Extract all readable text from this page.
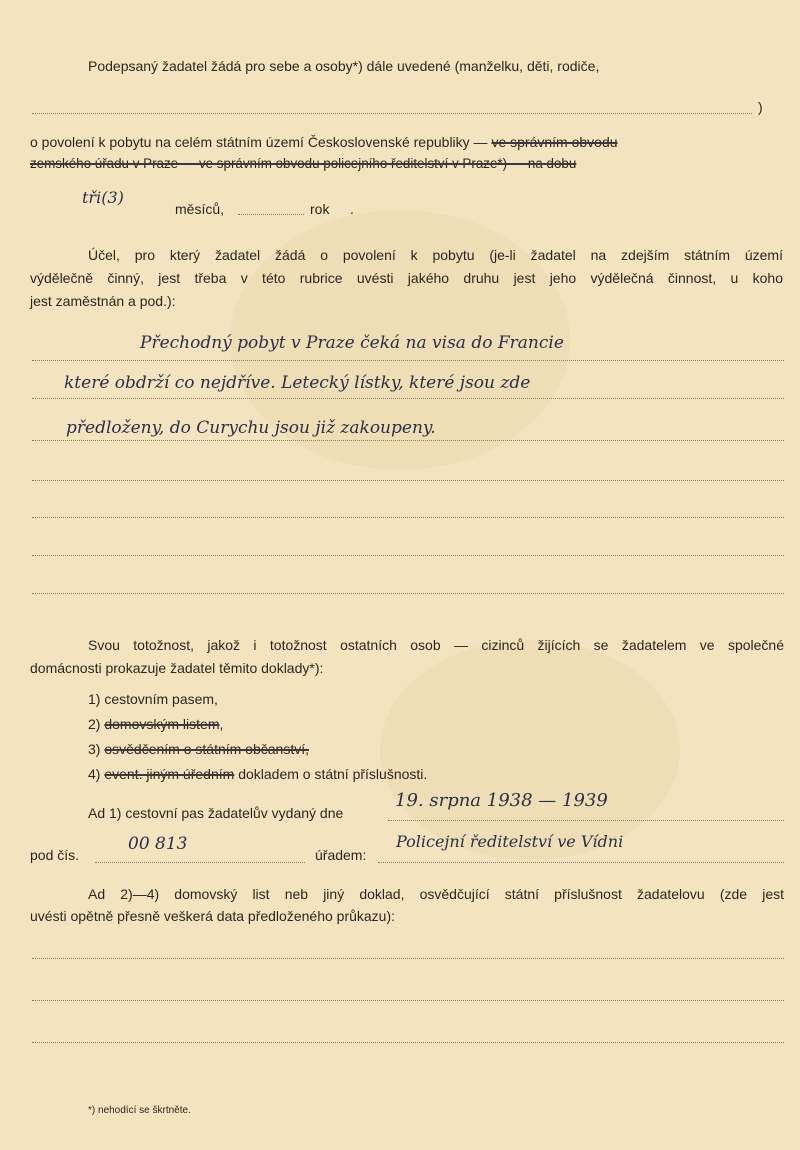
Podepsaný žadatel žádá pro sebe a osoby*) dále uvedené (manželku, děti, rodiče,
)
o povolení k pobytu na celém státním území Československé republiky — ve správním obvodu
zemského úřadu v Praze — ve správním obvodu policejního ředitelství v Praze*) — na dobu
tři(3)
měsíců,	rok .
Účel, pro který žadatel žádá o povolení k pobytu (je-li žadatel na zdejším státním území
výdělečně činný, jest třeba v této rubrice uvésti jakého druhu jest jeho výdělečná činnost, u koho
jest zaměstnán a pod.):
Přechodný pobyt v Praze čeká na visa do Francie
které obdrží co nejdříve. Letecký lístky, které jsou zde
předloženy, do Curychu jsou již zakoupeny.
Svou totožnost, jakož i totožnost ostatních osob — cizinců žijících se žadatelem ve společné
domácnosti prokazuje žadatel těmito doklady*):
1) cestovním pasem,
2) domovským listem,
3) osvědčením o státním občanství,
4) event. jiným úředním dokladem o státní příslušnosti.
Ad 1) cestovní pas žadatelův vydaný dne
19. srpna 1938 — 1939
pod čís.
00 813
úřadem:
Policejní ředitelství ve Vídni
Ad 2)—4) domovský list neb jiný doklad, osvědčující státní příslušnost žadatelovu (zde jest
uvésti opětně přesně veškerá data předloženého průkazu):
*) nehodící se škrtněte.
